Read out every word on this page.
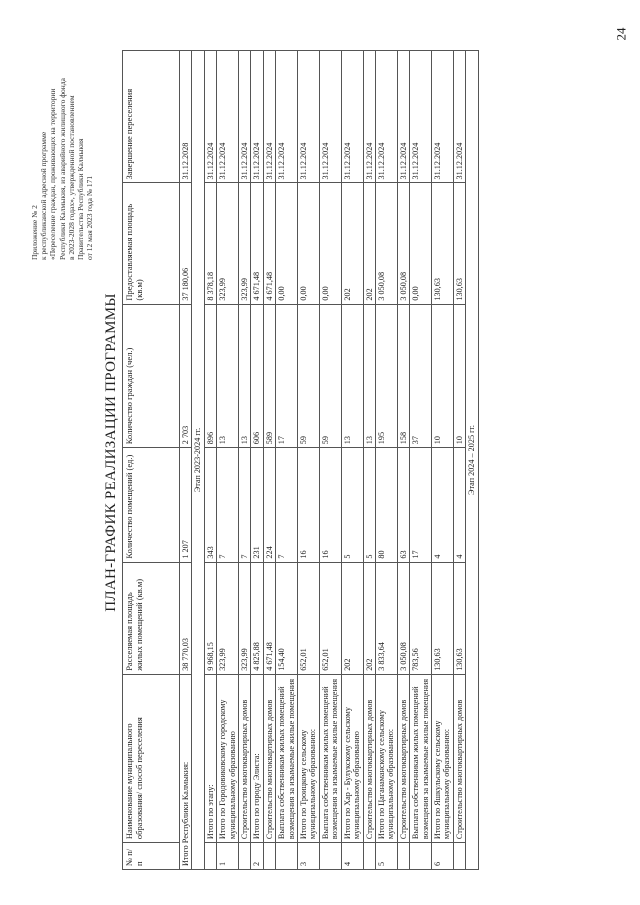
24
Приложение № 2 к республиканской адресной программе «Переселение граждан, проживающих на территории Республики Калмыкия, из аварийного жилищного фонда в 2023-2028 годах», утвержденной постановлением Правительства Республики Калмыкия от 12 мая 2023 года № 171
ПЛАН-ГРАФИК РЕАЛИЗАЦИИ ПРОГРАММЫ
№ п/п	Наименование муниципального образования/ способ переселения	Расселяемая площадь жилых помещений (кв.м)	Количество помещений (ед.)	Количество граждан (чел.)	Предоставляемая площадь (кв.м)	Завершение переселения
Итого Республики Калмыкия:		38 770,03	1 207	2 703	37 180,06	31.12.2028
Этап 2023-2024 гг.						
	Итого по этапу:	9 968,15	343	896	8 378,18	31.12.2024
1	Итого по Городовиковскому городскому муниципальному образованию	323,99	7	13	323,99	31.12.2024
	Строительство многоквартирных домов	323,99	7	13	323,99	31.12.2024
2	Итого по городу Элиста:	4 825,88	231	606	4 671,48	31.12.2024
	Строительство многоквартирных домов	4 671,48	224	589	4 671,48	31.12.2024
	Выплата собственникам жилых помещений возмещения за изымаемые жилые помещения	154,40	7	17	0,00	31.12.2024
3	Итого по Троицкому сельскому муниципальному образованию:	652,01	16	59	0,00	31.12.2024
	Выплата собственникам жилых помещений возмещения за изымаемые жилые помещения	652,01	16	59	0,00	31.12.2024
4	Итого по Хар - Булукскому сельскому муниципальному образованию	202	5	13	202	31.12.2024
	Строительство многоквартирных домов	202	5	13	202	31.12.2024
5	Итого по Цаганаманскому сельскому муниципальному образованию:	3 833,64	80	195	3 050,08	31.12.2024
	Строительство многоквартирных домов	3 050,08	63	158	3 050,08	31.12.2024
	Выплата собственникам жилых помещений возмещения за изымаемые жилые помещения	783,56	17	37	0,00	31.12.2024
6	Итого по Яшкульскому сельскому муниципальному образованию:	130,63	4	10	130,63	31.12.2024
	Строительство многоквартирных домов	130,63	4	10	130,63	31.12.2024
Этап 2024 – 2025 гг.						
